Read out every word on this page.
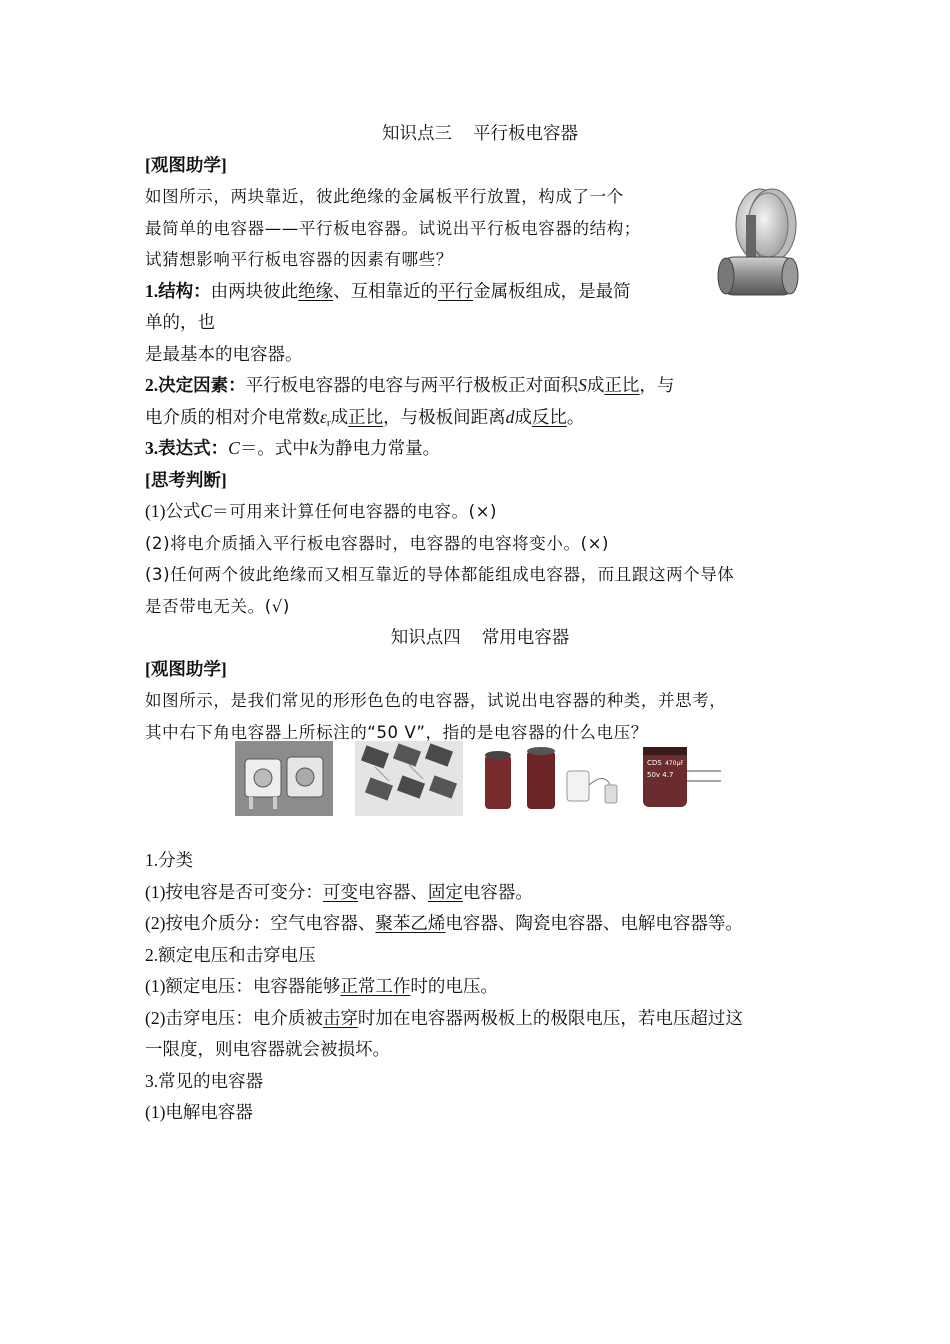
知识点三 平行板电容器
[观图助学]
如图所示，两块靠近，彼此绝缘的金属板平行放置，构成了一个
最简单的电容器——平行板电容器。试说出平行板电容器的结构；
试猜想影响平行板电容器的因素有哪些？
1.结构：由两块彼此绝缘、互相靠近的平行金属板组成，是最简
单的，也
是最基本的电容器。
2.决定因素：平行板电容器的电容与两平行极板正对面积S成正比，与
电介质的相对介电常数$\varepsilon_r$成正比，与极板间距离d成反比。
3.表达式：C＝。式中k为静电力常量。
[思考判断]
(1)公式C＝可用来计算任何电容器的电容。(×)
(2)将电介质插入平行板电容器时，电容器的电容将变小。(×)
(3)任何两个彼此绝缘而又相互靠近的导体都能组成电容器，而且跟这两个导体
是否带电无关。(√)
知识点四 常用电容器
[观图助学]
如图所示，是我们常见的形形色色的电容器，试说出电容器的种类，并思考，
其中右下角电容器上所标注的“50 V”，指的是电容器的什么电压？
1.分类
(1)按电容是否可变分：可变电容器、固定电容器。
(2)按电介质分：空气电容器、聚苯乙烯电容器、陶瓷电容器、电解电容器等。
2.额定电压和击穿电压
(1)额定电压：电容器能够正常工作时的电压。
(2)击穿电压：电介质被击穿时加在电容器两极板上的极限电压，若电压超过这
一限度，则电容器就会被损坏。
3.常见的电容器
(1)电解电容器
CDS 470μF
50v 4.7
